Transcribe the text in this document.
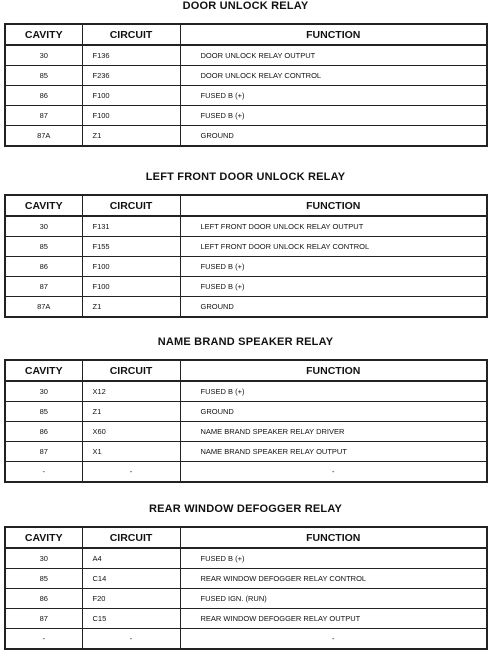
DOOR UNLOCK RELAY
CAVITY	CIRCUIT	FUNCTION
30	F136	DOOR UNLOCK RELAY OUTPUT
85	F236	DOOR UNLOCK RELAY CONTROL
86	F100	FUSED B (+)
87	F100	FUSED B (+)
87A	Z1	GROUND
LEFT FRONT DOOR UNLOCK RELAY
CAVITY	CIRCUIT	FUNCTION
30	F131	LEFT FRONT DOOR UNLOCK RELAY OUTPUT
85	F155	LEFT FRONT DOOR UNLOCK RELAY CONTROL
86	F100	FUSED B (+)
87	F100	FUSED B (+)
87A	Z1	GROUND
NAME BRAND SPEAKER RELAY
CAVITY	CIRCUIT	FUNCTION
30	X12	FUSED B (+)
85	Z1	GROUND
86	X60	NAME BRAND SPEAKER RELAY DRIVER
87	X1	NAME BRAND SPEAKER RELAY OUTPUT
-	-	-
REAR WINDOW DEFOGGER RELAY
CAVITY	CIRCUIT	FUNCTION
30	A4	FUSED B (+)
85	C14	REAR WINDOW DEFOGGER RELAY CONTROL
86	F20	FUSED IGN. (RUN)
87	C15	REAR WINDOW DEFOGGER RELAY OUTPUT
-	-	-
